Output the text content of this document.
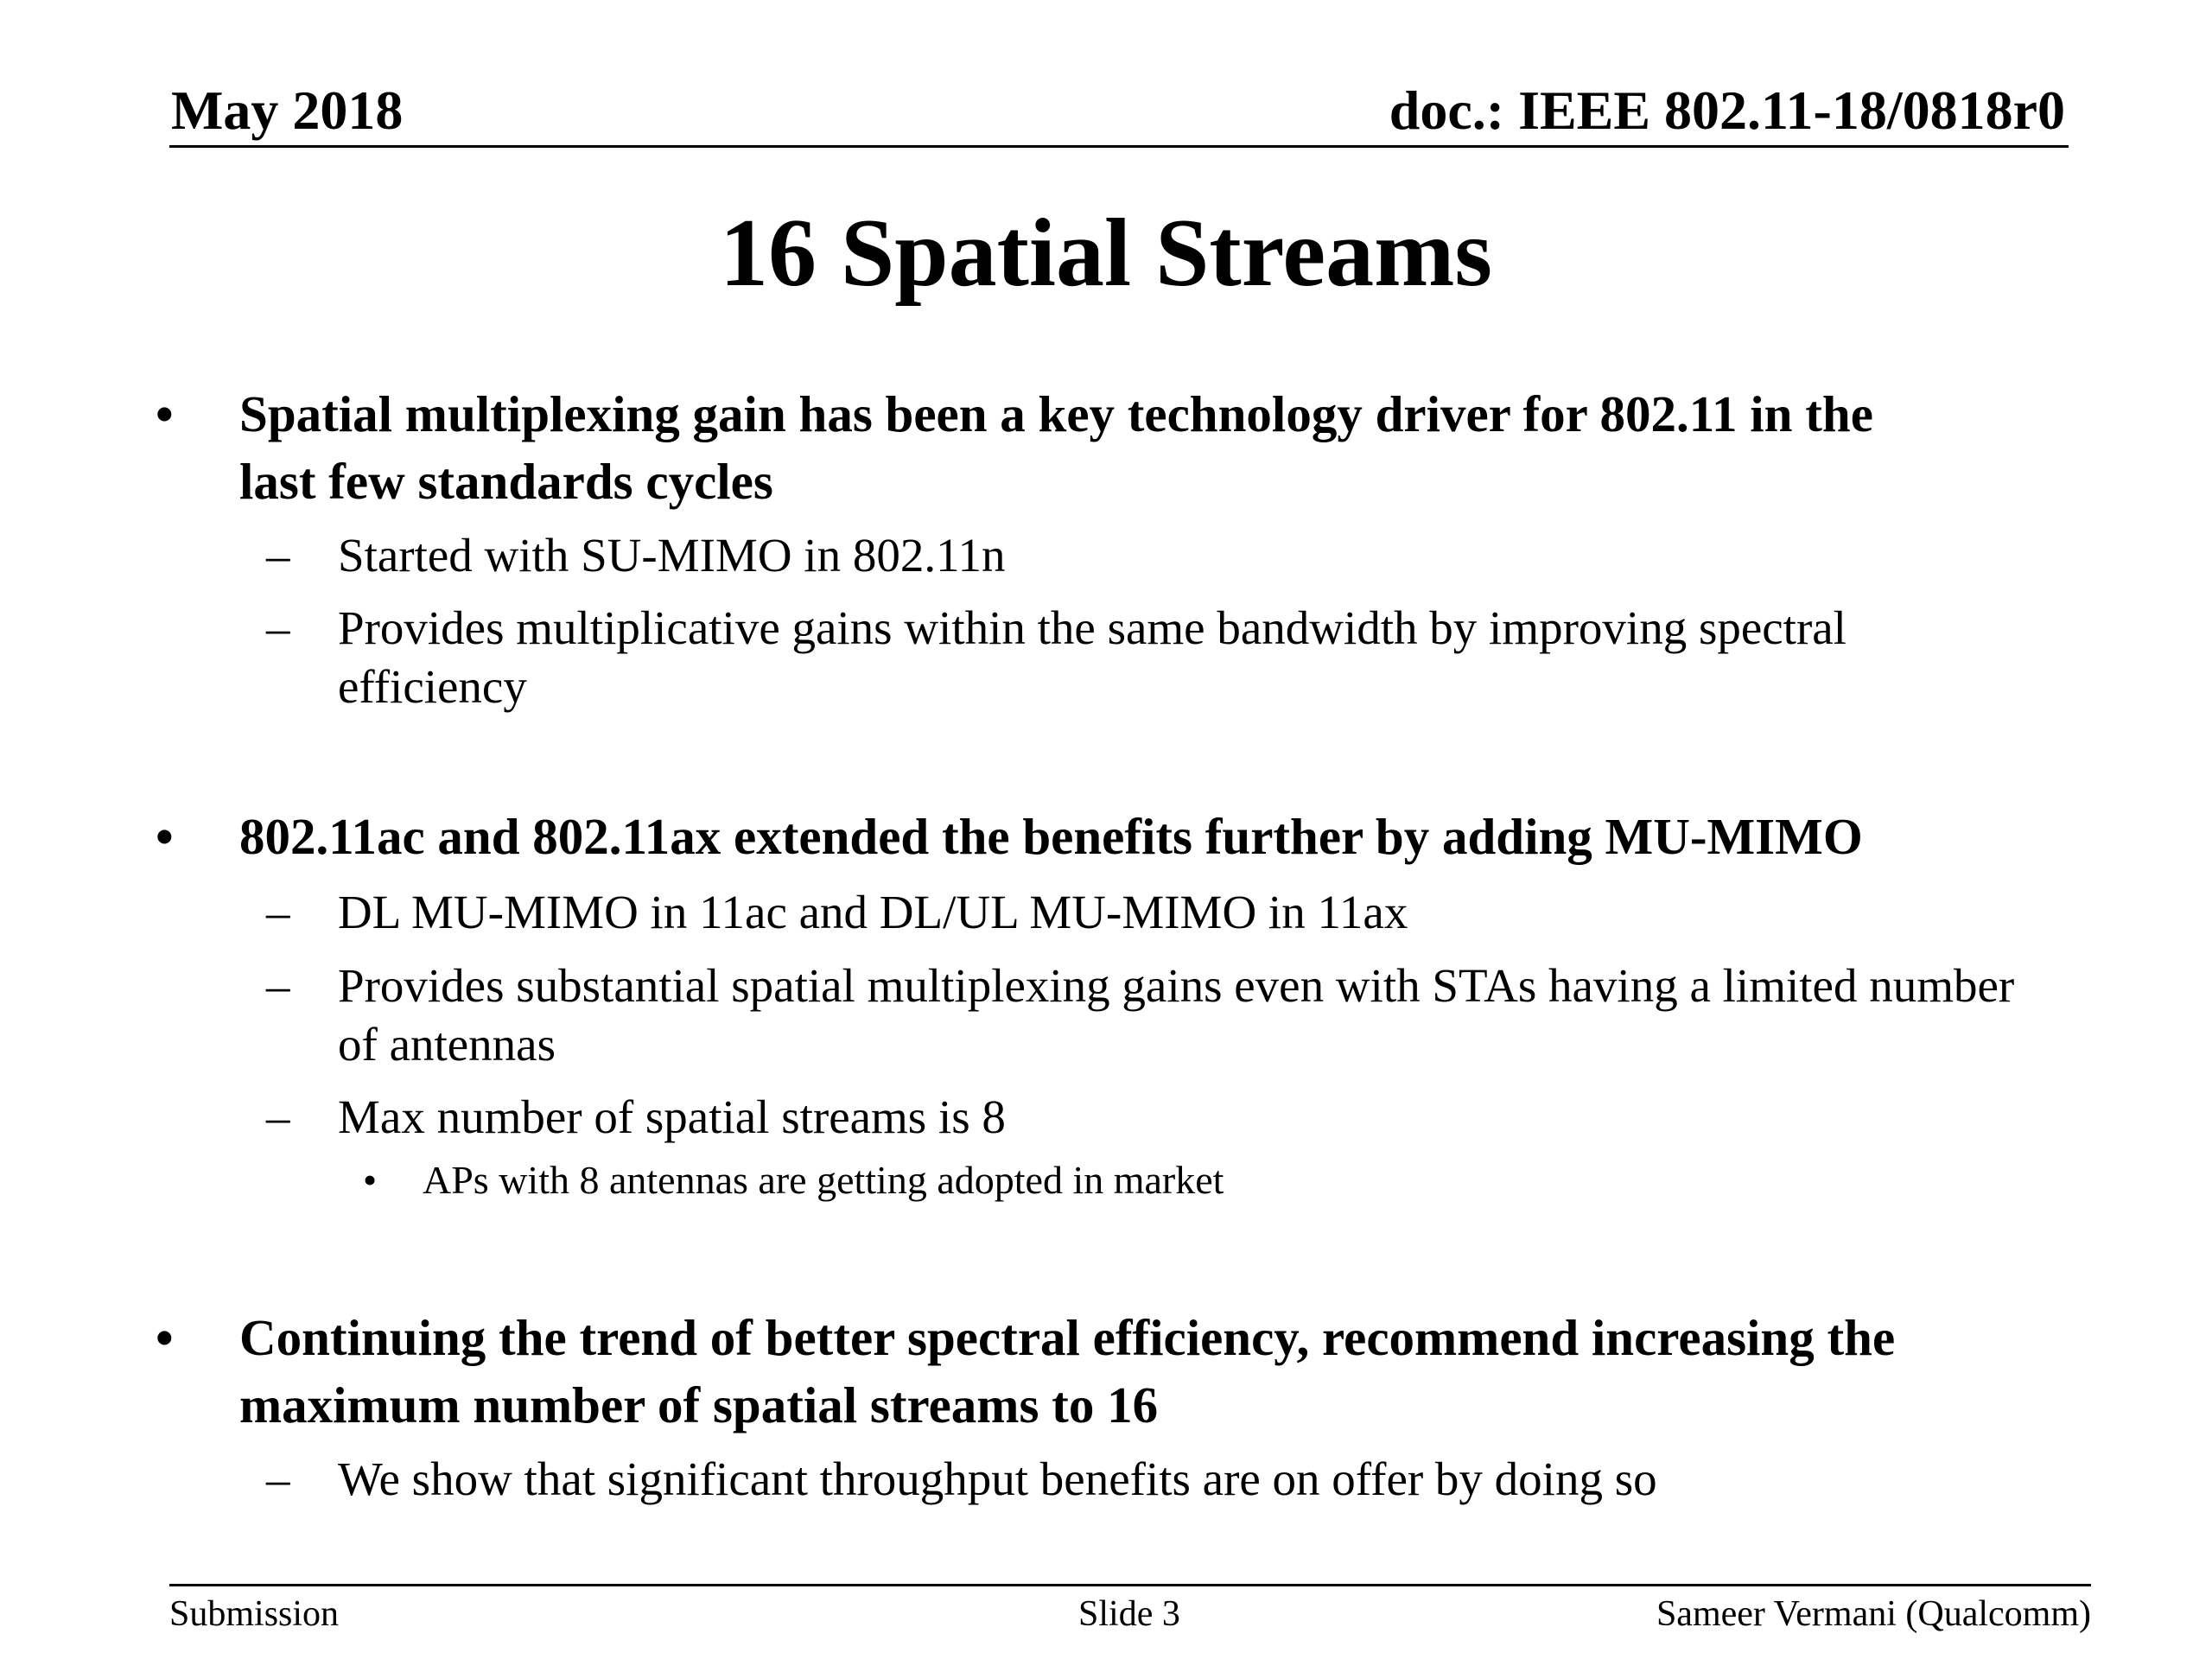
May 2018	doc.: IEEE 802.11-18/0818r0
16 Spatial Streams
• Spatial multiplexing gain has been a key technology driver for 802.11 in the
last few standards cycles
– Started with SU-MIMO in 802.11n
– Provides multiplicative gains within the same bandwidth by improving spectral
efficiency
• 802.11ac and 802.11ax extended the benefits further by adding MU-MIMO
– DL MU-MIMO in 11ac and DL/UL MU-MIMO in 11ax
– Provides substantial spatial multiplexing gains even with STAs having a limited number
of antennas
– Max number of spatial streams is 8
• APs with 8 antennas are getting adopted in market
• Continuing the trend of better spectral efficiency, recommend increasing the
maximum number of spatial streams to 16
– We show that significant throughput benefits are on offer by doing so
Submission	Slide 3	Sameer Vermani (Qualcomm)
